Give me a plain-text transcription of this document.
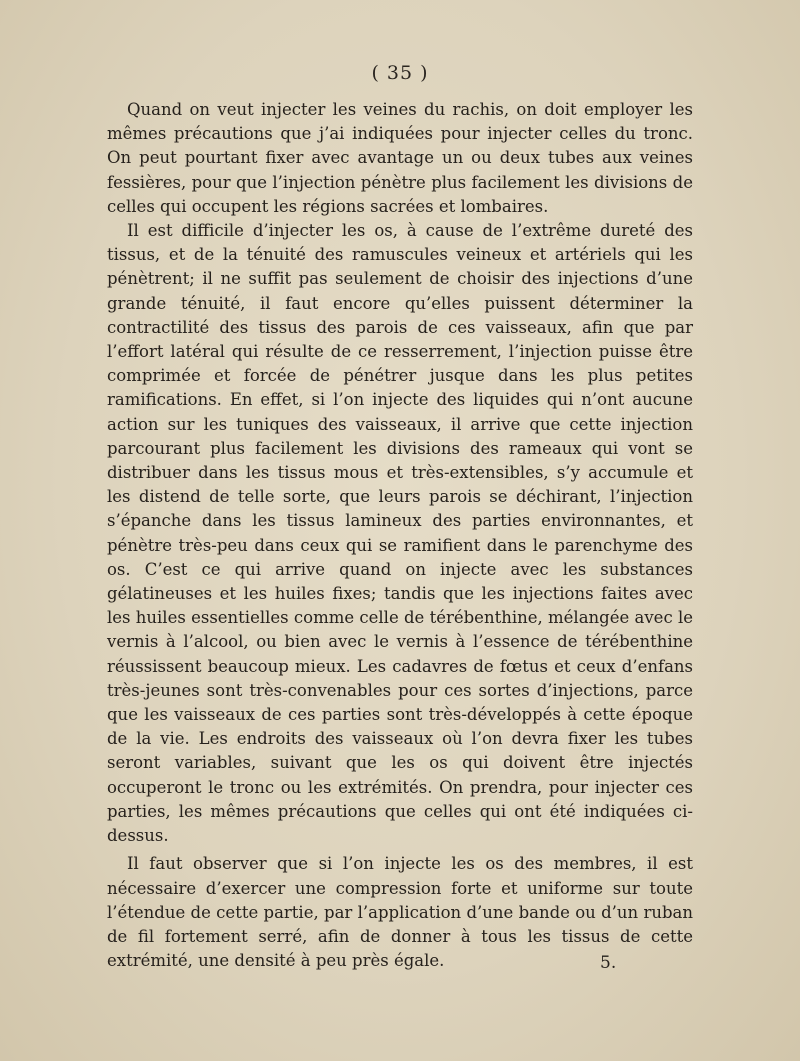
( 35 )

Quand on veut injecter les veines du rachis, on doit employer les mêmes précautions que j’ai indiquées pour injecter celles du tronc. On peut pourtant fixer avec avantage un ou deux tubes aux veines fessières, pour que l’injection pénètre plus facilement les divisions de celles qui occupent les régions sacrées et lombaires.

Il est difficile d’injecter les os, à cause de l’extrême dureté des tissus, et de la ténuité des ramuscules veineux et artériels qui les pénètrent; il ne suffit pas seulement de choisir des injections d’une grande ténuité, il faut encore qu’elles puissent déterminer la contractilité des tissus des parois de ces vaisseaux, afin que par l’effort latéral qui résulte de ce resserrement, l’injection puisse être comprimée et forcée de pénétrer jusque dans les plus petites ramifications. En effet, si l’on injecte des liquides qui n’ont aucune action sur les tuniques des vaisseaux, il arrive que cette injection parcourant plus facilement les divisions des rameaux qui vont se distribuer dans les tissus mous et très-extensibles, s’y accumule et les distend de telle sorte, que leurs parois se déchirant, l’injection s’épanche dans les tissus lamineux des parties environnantes, et pénètre très-peu dans ceux qui se ramifient dans le parenchyme des os. C’est ce qui arrive quand on injecte avec les substances gélatineuses et les huiles fixes; tandis que les injections faites avec les huiles essentielles comme celle de térébenthine, mélangée avec le vernis à l’alcool, ou bien avec le vernis à l’essence de térébenthine réussissent beaucoup mieux. Les cadavres de fœtus et ceux d’enfans très-jeunes sont très-convenables pour ces sortes d’injections, parce que les vaisseaux de ces parties sont très-développés à cette époque de la vie. Les endroits des vaisseaux où l’on devra fixer les tubes seront variables, suivant que les os qui doivent être injectés occuperont le tronc ou les extrémités. On prendra, pour injecter ces parties, les mêmes précautions que celles qui ont été indiquées ci-dessus.

Il faut observer que si l’on injecte les os des membres, il est nécessaire d’exercer une compression forte et uniforme sur toute l’étendue de cette partie, par l’application d’une bande ou d’un ruban de fil fortement serré, afin de donner à tous les tissus de cette extrémité, une densité à peu près égale.	5.
